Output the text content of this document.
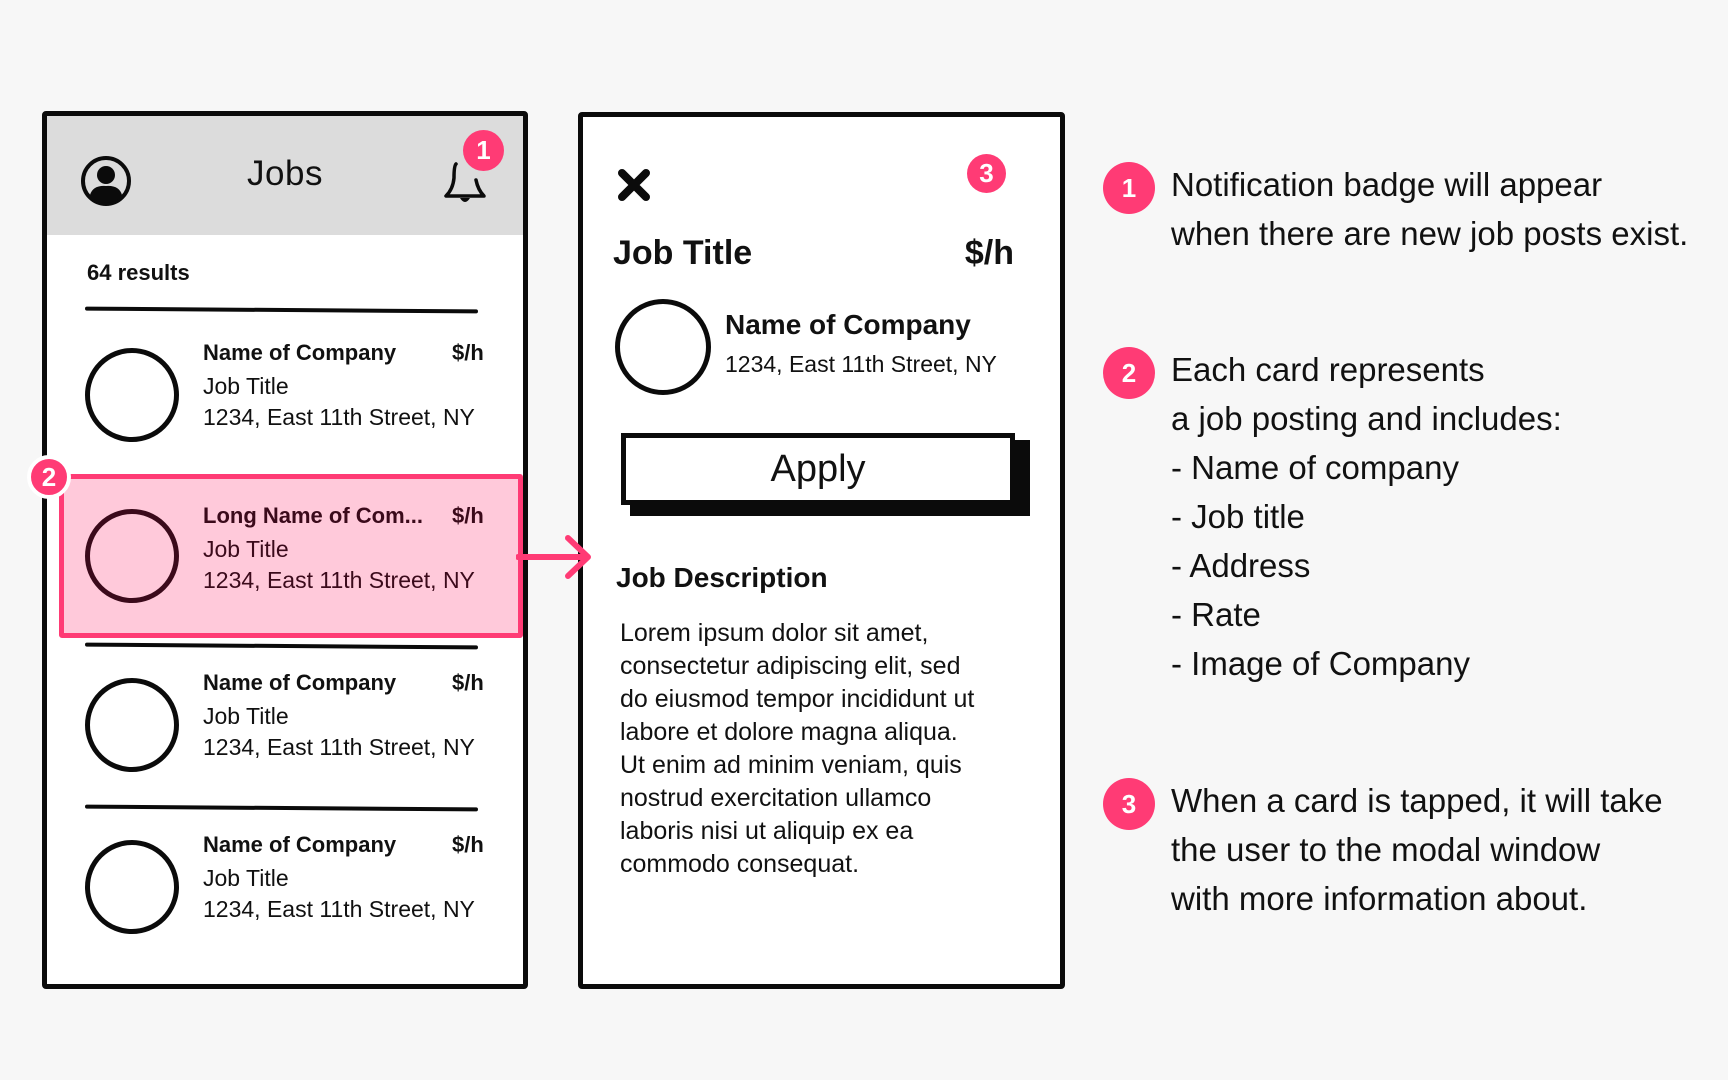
Jobs
1
64 results
Name of Company	$/h
Job Title
1234, East 11th Street, NY
Long Name of Com... $/h
Job Title
1234, East 11th Street, NY
Name of Company	$/h
Job Title
1234, East 11th Street, NY
Name of Company	$/h
Job Title
1234, East 11th Street, NY
2
3
Job Title	$/h
Name of Company
1234, East 11th Street, NY
Apply
Job Description
Lorem ipsum dolor sit amet,
consectetur adipiscing elit, sed
do eiusmod tempor incididunt ut
labore et dolore magna aliqua.
Ut enim ad minim veniam, quis
nostrud exercitation ullamco
laboris nisi ut aliquip ex ea
commodo consequat.
1	Notification badge will appear
when there are new job posts exist.
2	Each card represents
a job posting and includes:
- Name of company
- Job title
- Address
- Rate
- Image of Company
3	When a card is tapped, it will take
the user to the modal window
with more information about.
